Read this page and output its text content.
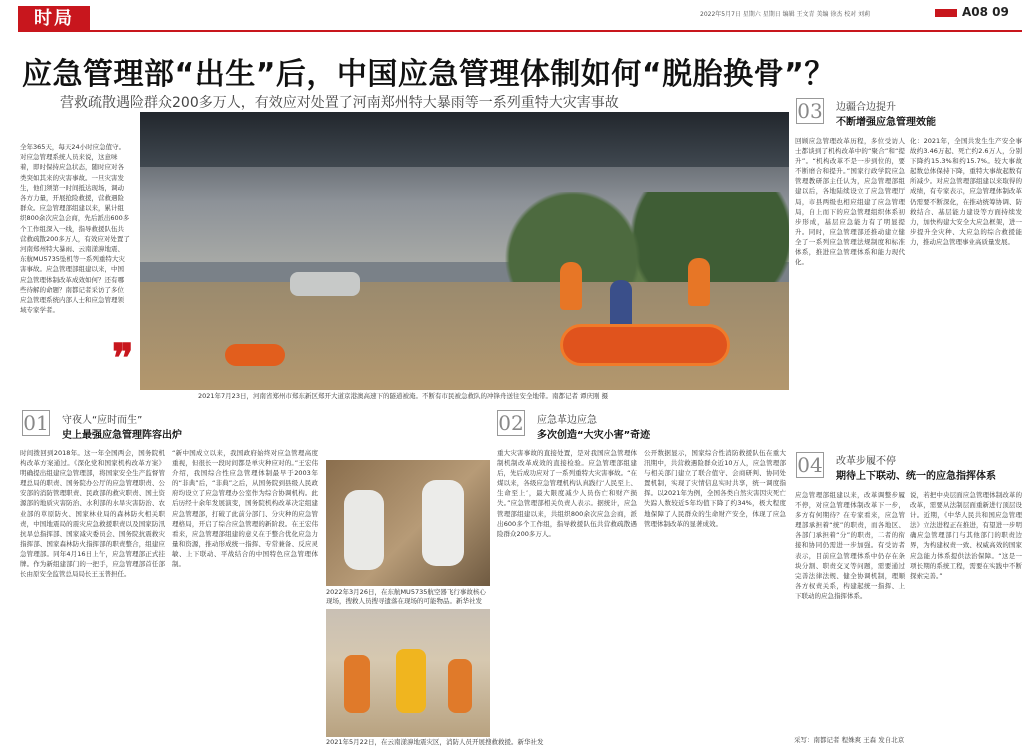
时局	2022年5月7日 星期六 星期日 编辑 王文青 美编 徐杰 校对 刘莉	A08 09
应急管理部“出生”后，中国应急管理体制如何“脱胎换骨”？
营救疏散遇险群众200多万人，有效应对处置了河南郑州特大暴雨等一系列重特大灾害事故
全年365天，每天24小时应急值守。对应急管理系统人员来说，这意味着，即时保持应急状态，随时应对各类突如其来的灾害事故。一旦灾害发生，他们须第一时间抵达现场，调动各方力量，开展抢险救援，营救遇险群众。应急管理部组建以来，累计组织800余次应急会商，先后派出600多个工作组深入一线，指导救援队伍共营救疏散200多万人，有效应对处置了河南郑州特大暴雨、云南漾濞地震、东航MU5735坠机等一系列重特大灾害事故。应急管理部组建以来，中国应急管理体制改革成效如何？还有哪些待解的命题？南都记者采访了多位应急管理系统内部人士和应急管理领域专家学者。
❞
2021年7月23日，河南省郑州市郑东新区郑开大道京港澳高速下的隧道被淹。不断有市民被急救队的冲锋舟送往安全地带。南都记者 谭庆刚 摄
01 守夜人“应时而生”
史上最强应急管理阵容出炉
时间拨回到2018年。这一年全国两会，国务院机构改革方案通过。《深化党和国家机构改革方案》明确提出组建应急管理部，将国家安全生产监督管理总局的职责、国务院办公厅的应急管理职责、公安部的消防管理职责、民政部的救灾职责、国土资源部的地质灾害防治、水利部的水旱灾害防治、农业部的草原防火、国家林业局的森林防火相关职责，中国地震局的震灾应急救援职责以及国家防汛抗旱总指挥部、国家减灾委员会、国务院抗震救灾指挥部、国家森林防火指挥部的职责整合，组建应急管理部。同年4月16日上午，应急管理部正式挂牌。作为新组建部门的一把手，应急管理部首任部长由原安全监管总局局长王玉普担任。
“新中国成立以来，我国政府始终对应急管理高度重视，但很长一段时间都是单灾种应对的。”王宏伟介绍，我国综合性应急管理体制最早于2003年的“非典”后，“非典”之后，从国务院到县级人民政府均设立了应急管理办公室作为综合协调机构。此后历经十余年发展演变，国务院机构改革决定组建应急管理部，打破了此前分部门、分灾种的应急管理格局，开启了综合应急管理的新阶段。在王宏伟看来，应急管理部组建的意义在于整合优化应急力量和资源，推动形成统一指挥、专常兼备、反应灵敏、上下联动、平战结合的中国特色应急管理体制。
2022年3月26日，在东航MU5735航空器飞行事故核心现场，搜救人员搜寻遗落在现场的可能物品。新华社发
2021年5月22日，在云南漾濞地震灾区，消防人员开展搜救救援。新华社发
02 应急革边应急
多次创造“大灾小害”奇迹
重大灾害事故的直接处置，是对我国应急管理体制机制改革成效的直接检验。应急管理部组建后，先后成功应对了一系列重特大灾害事故。“在煤以来，各级应急管理机构认真践行‘人民至上、生命至上’，最大限度减少人员伤亡和财产损失。”应急管理部相关负责人表示。据统计，应急管理部组建以来，共组织800余次应急会商，派出600多个工作组，指导救援队伍共营救疏散遇险群众200多万人。
公开数据显示，国家综合性消防救援队伍在重大汛期中，共营救遇险群众近10万人，应急管理部与相关部门建立了联合值守、会商研判、协同处置机制，实现了灾情信息实时共享，统一调度指挥。以2021年为例，全国各类自然灾害因灾死亡失踪人数较近5年均值下降了约34%，极大程度地保障了人民群众的生命财产安全，体现了应急管理体制改革的显著成效。
03 边疆合边提升
不断增强应急管理效能
回顾应急管理改革历程，多位受访人士都谈到了机构改革中的“聚合”和“提升”。“机构改革不是一步到位的，要不断磨合和提升。”国家行政学院应急管理教研部主任认为，应急管理部组建以后，各地陆续设立了应急管理厅局，市县两级也相应组建了应急管理局，自上而下的应急管理组织体系初步形成，基层应急能力有了明显提升。同时，应急管理部还推动建立健全了一系列应急管理法规制度和标准体系，推进应急管理体系和能力现代化。
化：2021年，全国共发生生产安全事故约3.46万起、死亡约2.6万人，分别下降约15.3%和约15.7%。较大事故起数总体保持下降，重特大事故起数有所减少。对应急管理部组建以来取得的成绩，有专家表示，应急管理体制改革仍需要不断深化，在推动统筹协调、防救结合、基层能力建设等方面持续发力，加快构建大安全大应急框架，进一步提升全灾种、大应急的综合救援能力，推动应急管理事业高质量发展。
04 改革步履不停
期待上下联动、统一的应急指挥体系
应急管理部组建以来，改革调整步履不停，对应急管理体制改革下一步，多方有何期待？在专家看来，应急管理部承担着“统”的职责，而各地区、各部门承担着“分”的职责，二者的衔接和协同仍需进一步加强。有受访者表示，目前应急管理体系中仍存在条块分割、职责交叉等问题，需要通过完善法律法规、健全协调机制，理顺各方权责关系，构建起统一指挥、上下联动的应急指挥体系。
说，若把中央层面应急管理体制改革的改革，需要从法制层面重新进行顶层设计。近期，《中华人民共和国应急管理法》立法进程正在推进，有望进一步明确应急管理部门与其他部门的职责边界，为构建权责一致、权威高效的国家应急能力体系提供法治保障。“这是一项长期的系统工程，需要在实践中不断探索完善。”
采写：南都记者 程姝爽 王森 发自北京
